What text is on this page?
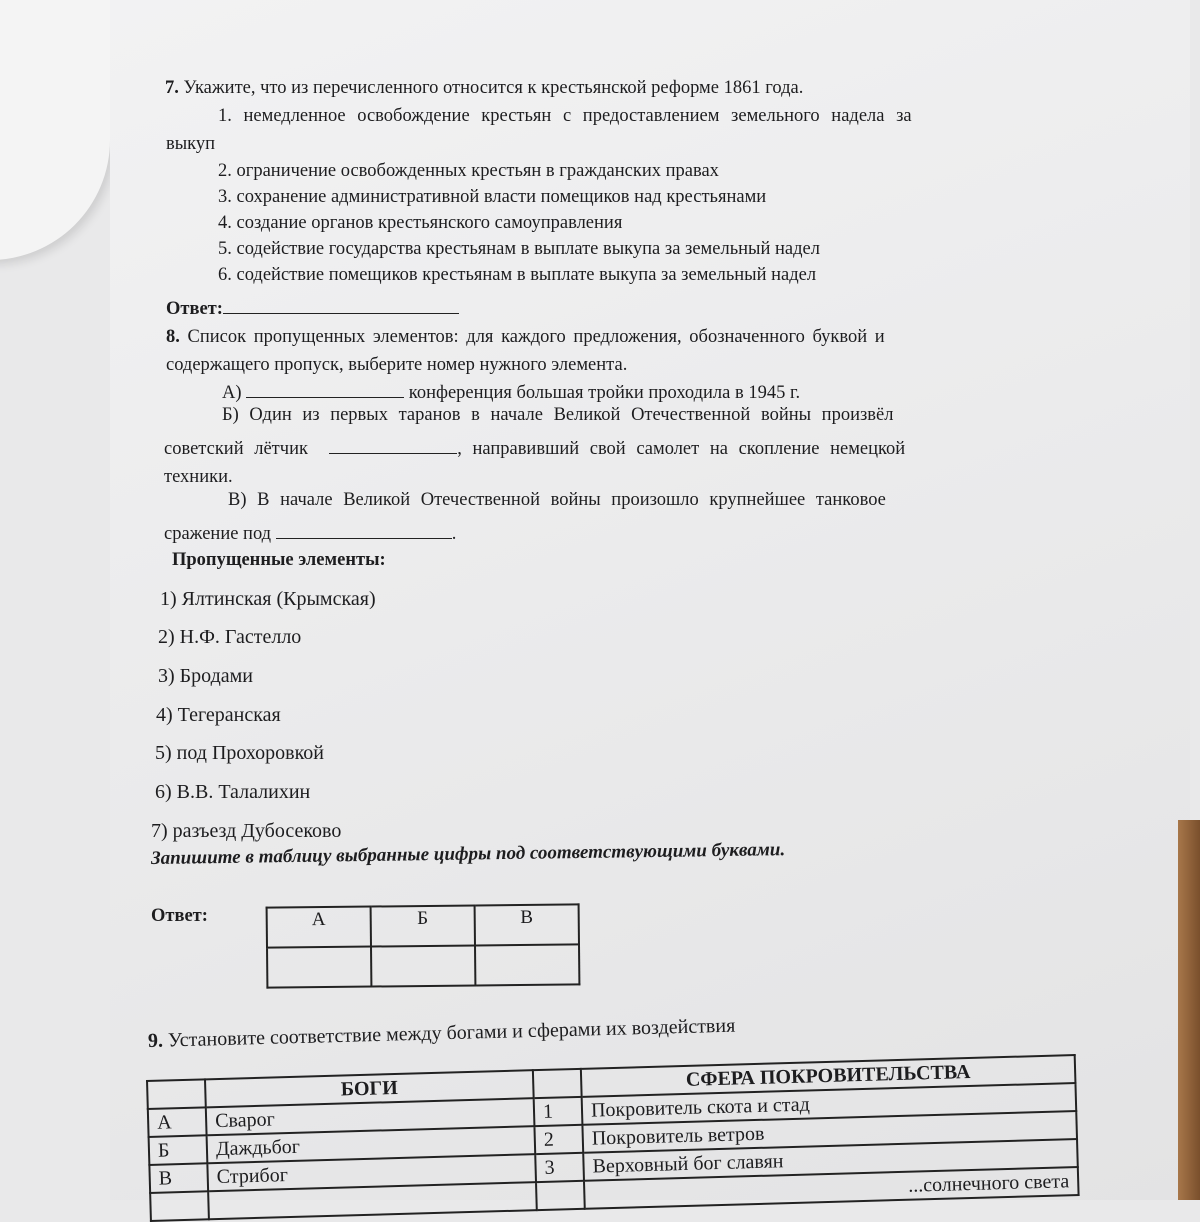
7. Укажите, что из перечисленного относится к крестьянской реформе 1861 года.
1. немедленное освобождение крестьян с предоставлением земельного надела за
выкуп
2. ограничение освобожденных крестьян в гражданских правах
3. сохранение административной власти помещиков над крестьянами
4. создание органов крестьянского самоуправления
5. содействие государства крестьянам в выплате выкупа за земельный надел
6. содействие помещиков крестьянам в выплате выкупа за земельный надел
Ответ:
8. Список пропущенных элементов: для каждого предложения, обозначенного буквой и
содержащего пропуск, выберите номер нужного элемента.
А)	конференция большая тройки проходила в 1945 г.
Б) Один из первых таранов в начале Великой Отечественной войны произвёл
советский лётчик	, направивший свой самолет на скопление немецкой
техники.
В) В начале Великой Отечественной войны произошло крупнейшее танковое
сражение под	.
Пропущенные элементы:
1) Ялтинская (Крымская)
2) Н.Ф. Гастелло
3) Бродами
4) Тегеранская
5) под Прохоровкой
6) В.В. Талалихин
7) разъезд Дубосеково
Запишите в таблицу выбранные цифры под соответствующими буквами.
Ответ:	А	Б	В

9. Установите соответствие между богами и сферами их воздействия
	БОГИ		СФЕРА ПОКРОВИТЕЛЬСТВА
А	Сварог	1	Покровитель скота и стад
Б	Даждьбог	2	Покровитель ветров
В	Стрибог	3	Верховный бог славян
			...солнечного света
